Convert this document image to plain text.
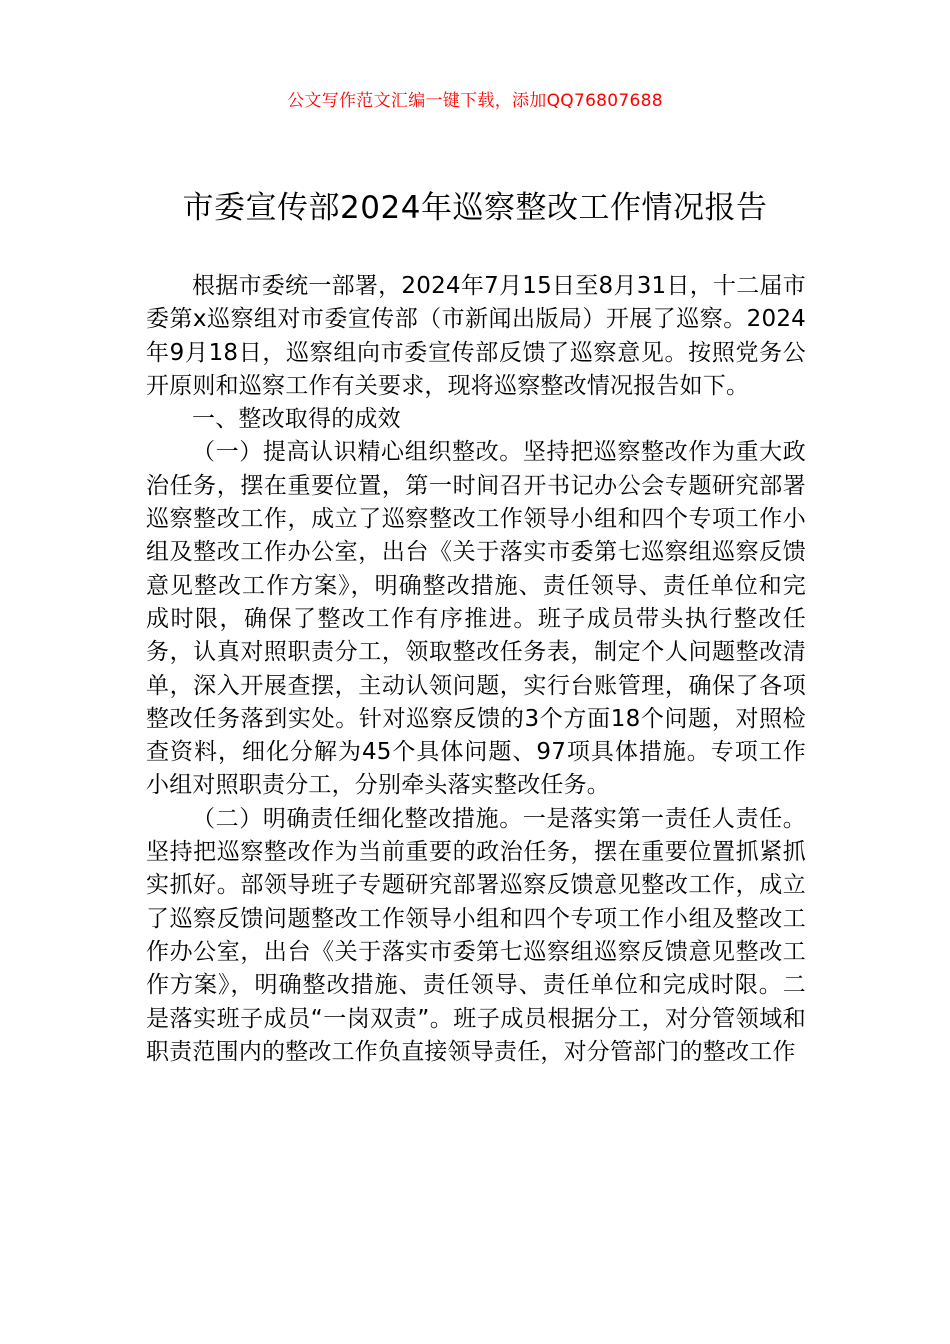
公文写作范文汇编一键下载，添加QQ76807688
市委宣传部2024年巡察整改工作情况报告

根据市委统一部署，2024年7月15日至8月31日，十二届市委第x巡察组对市委宣传部（市新闻出版局）开展了巡察。2024年9月18日，巡察组向市委宣传部反馈了巡察意见。按照党务公开原则和巡察工作有关要求，现将巡察整改情况报告如下。

一、整改取得的成效

（一）提高认识精心组织整改。坚持把巡察整改作为重大政治任务，摆在重要位置，第一时间召开书记办公会专题研究部署巡察整改工作，成立了巡察整改工作领导小组和四个专项工作小组及整改工作办公室，出台《关于落实市委第七巡察组巡察反馈意见整改工作方案》，明确整改措施、责任领导、责任单位和完成时限，确保了整改工作有序推进。班子成员带头执行整改任务，认真对照职责分工，领取整改任务表，制定个人问题整改清单，深入开展查摆，主动认领问题，实行台账管理，确保了各项整改任务落到实处。针对巡察反馈的3个方面18个问题，对照检查资料，细化分解为45个具体问题、97项具体措施。专项工作小组对照职责分工，分别牵头落实整改任务。

（二）明确责任细化整改措施。一是落实第一责任人责任。坚持把巡察整改作为当前重要的政治任务，摆在重要位置抓紧抓实抓好。部领导班子专题研究部署巡察反馈意见整改工作，成立了巡察反馈问题整改工作领导小组和四个专项工作小组及整改工作办公室，出台《关于落实市委第七巡察组巡察反馈意见整改工作方案》，明确整改措施、责任领导、责任单位和完成时限。二是落实班子成员“一岗双责”。班子成员根据分工，对分管领域和职责范围内的整改工作负直接领导责任，对分管部门的整改工作
